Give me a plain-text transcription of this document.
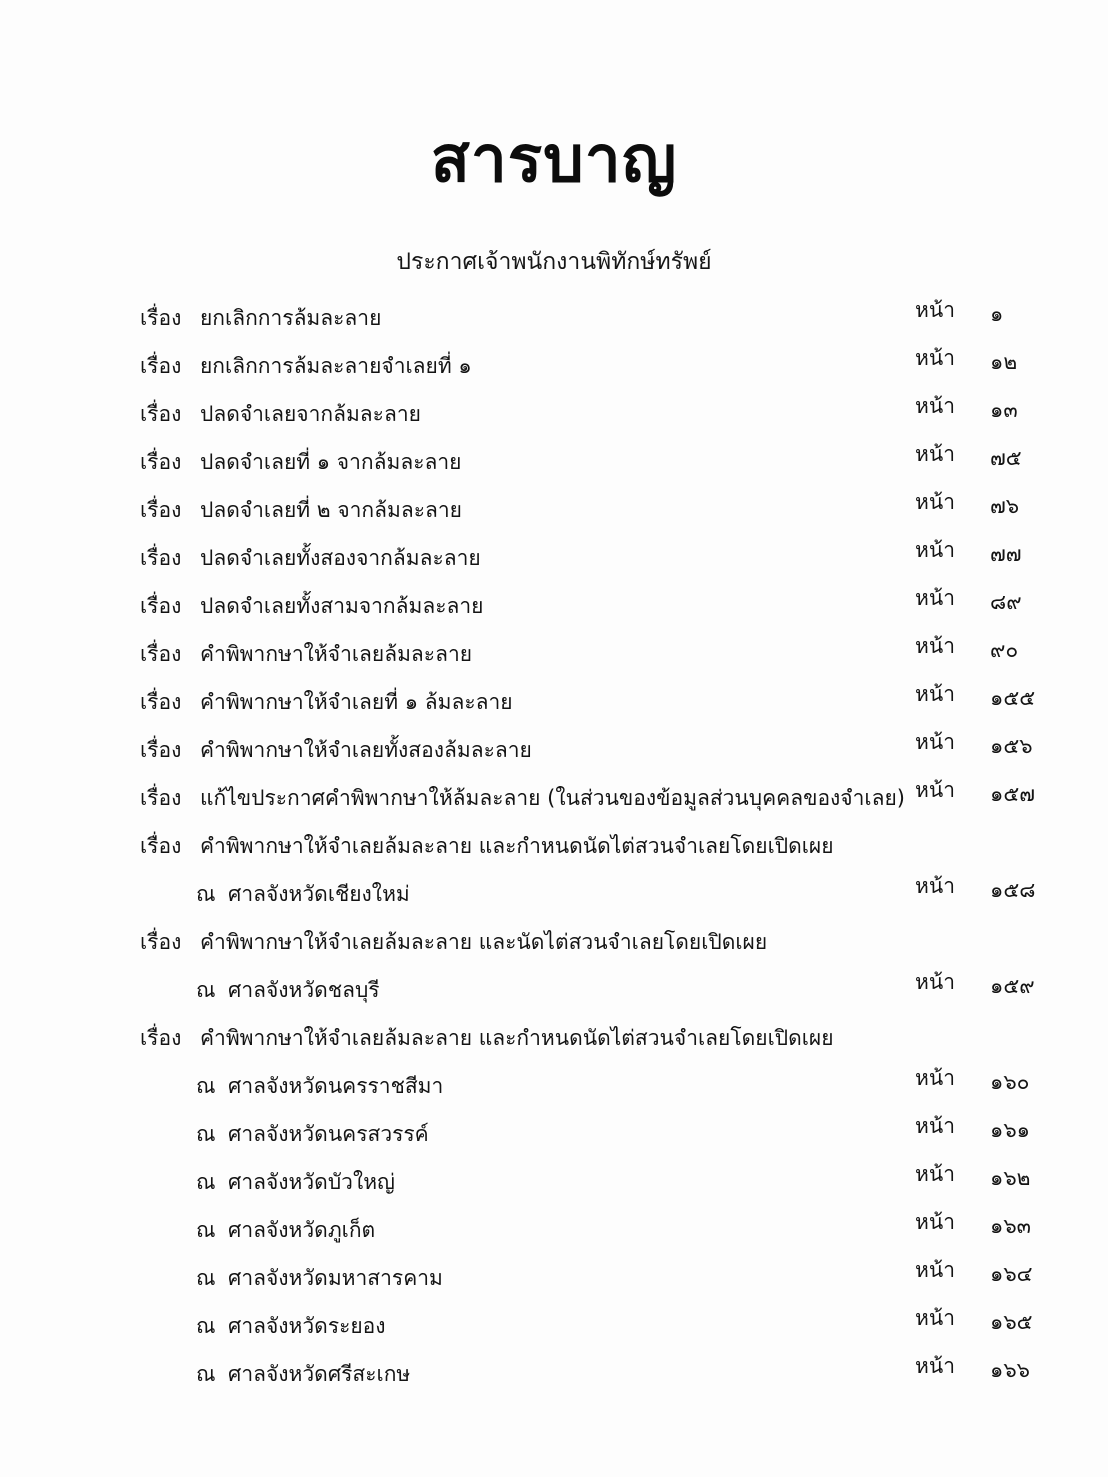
สารบาญ
ประกาศเจ้าพนักงานพิทักษ์ทรัพย์
เรื่อง ยกเลิกการล้มละลาย	หน้า ๑
เรื่อง ยกเลิกการล้มละลายจำเลยที่ ๑	หน้า ๑๒
เรื่อง ปลดจำเลยจากล้มละลาย	หน้า ๑๓
เรื่อง ปลดจำเลยที่ ๑ จากล้มละลาย	หน้า ๗๕
เรื่อง ปลดจำเลยที่ ๒ จากล้มละลาย	หน้า ๗๖
เรื่อง ปลดจำเลยทั้งสองจากล้มละลาย	หน้า ๗๗
เรื่อง ปลดจำเลยทั้งสามจากล้มละลาย	หน้า ๘๙
เรื่อง คำพิพากษาให้จำเลยล้มละลาย	หน้า ๙๐
เรื่อง คำพิพากษาให้จำเลยที่ ๑ ล้มละลาย	หน้า ๑๕๕
เรื่อง คำพิพากษาให้จำเลยทั้งสองล้มละลาย	หน้า ๑๕๖
เรื่อง แก้ไขประกาศคำพิพากษาให้ล้มละลาย (ในส่วนของข้อมูลส่วนบุคคลของจำเลย) หน้า ๑๕๗
เรื่อง คำพิพากษาให้จำเลยล้มละลาย และกำหนดนัดไต่สวนจำเลยโดยเปิดเผย
ณ ศาลจังหวัดเชียงใหม่	หน้า ๑๕๘
เรื่อง คำพิพากษาให้จำเลยล้มละลาย และนัดไต่สวนจำเลยโดยเปิดเผย
ณ ศาลจังหวัดชลบุรี	หน้า ๑๕๙
เรื่อง คำพิพากษาให้จำเลยล้มละลาย และกำหนดนัดไต่สวนจำเลยโดยเปิดเผย
ณ ศาลจังหวัดนครราชสีมา	หน้า ๑๖๐
ณ ศาลจังหวัดนครสวรรค์	หน้า ๑๖๑
ณ ศาลจังหวัดบัวใหญ่	หน้า ๑๖๒
ณ ศาลจังหวัดภูเก็ต	หน้า ๑๖๓
ณ ศาลจังหวัดมหาสารคาม	หน้า ๑๖๔
ณ ศาลจังหวัดระยอง	หน้า ๑๖๕
ณ ศาลจังหวัดศรีสะเกษ	หน้า ๑๖๖
